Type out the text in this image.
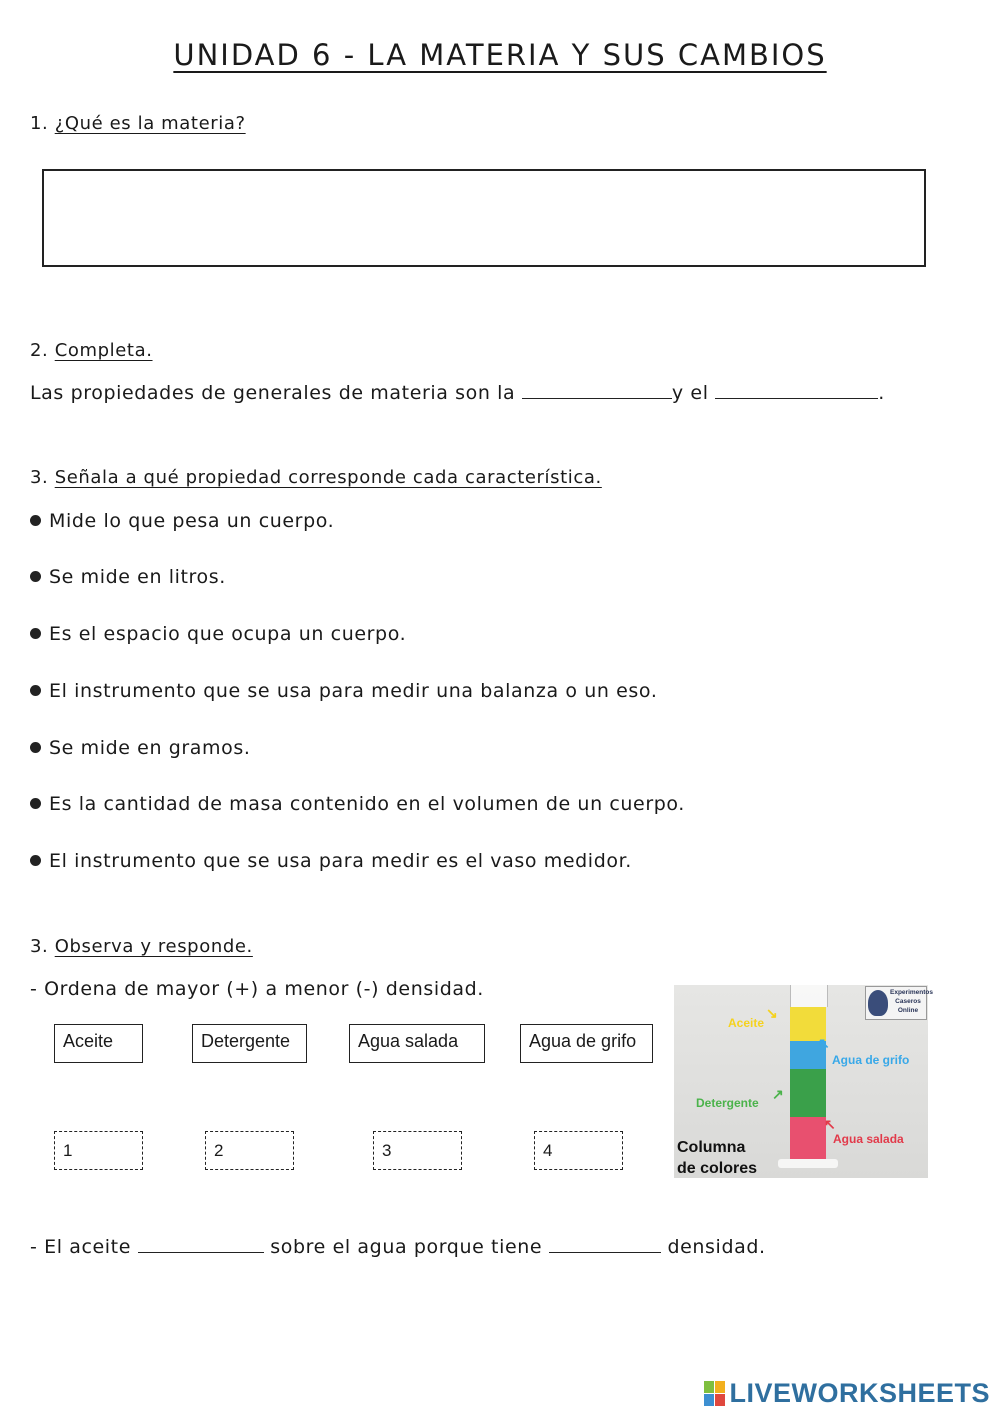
UNIDAD 6 - LA MATERIA Y SUS CAMBIOS
1. ¿Qué es la materia?
2. Completa.
Las propiedades de generales de materia son la	y el	.
3. Señala a qué propiedad corresponde cada característica.
Mide lo que pesa un cuerpo.
Se mide en litros.
Es el espacio que ocupa un cuerpo.
El instrumento que se usa para medir una balanza o un eso.
Se mide en gramos.
Es la cantidad de masa contenido en el volumen de un cuerpo.
El instrumento que se usa para medir es el vaso medidor.
3. Observa y responde.
- Ordena de mayor (+) a menor (-) densidad.
Aceite	Detergente	Agua salada	Agua de grifo
1	2	3	4
Aceite
↘
Agua de grifo
↖
Detergente
↗
Agua salada
↖
Columna
de colores
Experimentos
Caseros
Online
- El aceite	sobre el agua porque tiene	densidad.
LIVEWORKSHEETS
